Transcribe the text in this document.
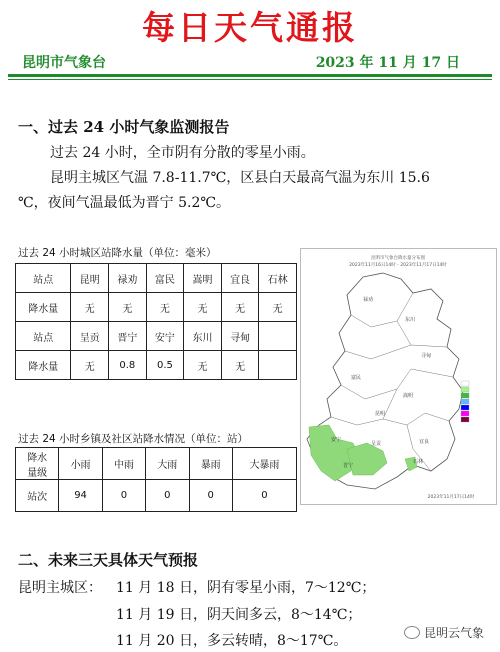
每日天气通报
昆明市气象台	2023 年 11 月 17 日
一、过去 24 小时气象监测报告
过去 24 小时，全市阴有分散的零星小雨。
昆明主城区气温 7.8-11.7℃，区县白天最高气温为东川 15.6
℃，夜间气温最低为晋宁 5.2℃。
过去 24 小时城区站降水量（单位：毫米）
站点	昆明	禄劝	富民	嵩明	宜良	石林
降水量	无	无	无	无	无	无
站点	呈贡	晋宁	安宁	东川	寻甸	
降水量	无	0.8	0.5	无	无	
过去 24 小时乡镇及社区站降水情况（单位：站）
降水
量级	小雨	中雨	大雨	暴雨	大暴雨
站次	94	0	0	0	0
昆明市气象台降水量分布图
2023年11月16日14时 - 2023年11月17日14时
禄劝
东川
寻甸
嵩明
富民
昆明
宜良
安宁
晋宁
呈贡
石林
2023年11月17日14时
二、未来三天具体天气预报
昆明主城区： 11 月 18 日，阴有零星小雨，7～12℃；
11 月 19 日，阴天间多云，8～14℃；
11 月 20 日，多云转晴，8～17℃。	昆明云气象
